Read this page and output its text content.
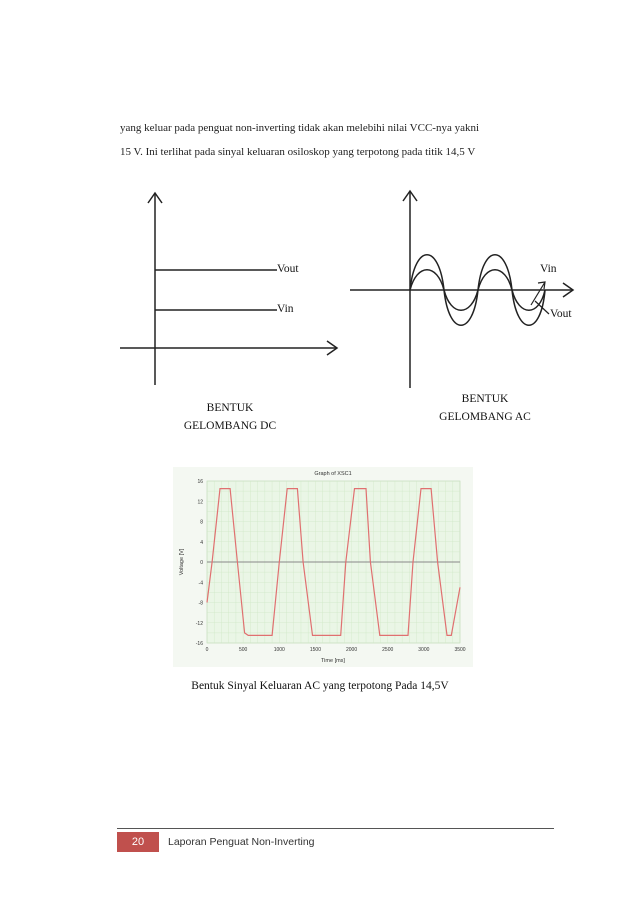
yang keluar pada penguat non-inverting tidak akan melebihi nilai VCC-nya yakni

15 V. Ini terlihat pada sinyal keluaran osiloskop yang terpotong pada titik 14,5 V

Vout
Vin
BENTUK
GELOMBANG DC
Vin
Vout
BENTUK
GELOMBANG AC
Graph of XSC1
16
12
8
4
0
-4
-8
-12
-16
0	500	1000	1500	2000	2500	3000	3500
Voltage [V]
Time [ms]
Bentuk Sinyal Keluaran AC yang terpotong Pada 14,5V
20	Laporan Penguat Non-Inverting
